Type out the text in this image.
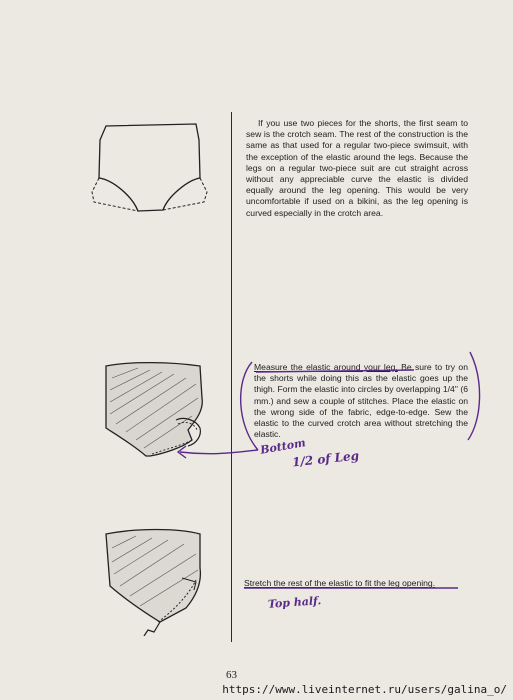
If you use two pieces for the shorts, the first seam to sew is the crotch seam. The rest of the construction is the same as that used for a regular two-piece swimsuit, with the exception of the elastic around the legs. Because the legs on a regular two-piece suit are cut straight across without any appreciable curve the elastic is divided equally around the leg opening. This would be very uncomfortable if used on a bikini, as the leg opening is curved especially in the crotch area.
Measure the elastic around your leg. Be sure to try on the shorts while doing this as the elastic goes up the thigh. Form the elastic into circles by overlapping 1/4" (6 mm.) and sew a couple of stitches. Place the elastic on the wrong side of the fabric, edge-to-edge. Sew the elastic to the curved crotch area without stretching the elastic.
Stretch the rest of the elastic to fit the leg opening.
Bottom
1/2 of Leg
Top half.
63
https://www.liveinternet.ru/users/galina_o/
